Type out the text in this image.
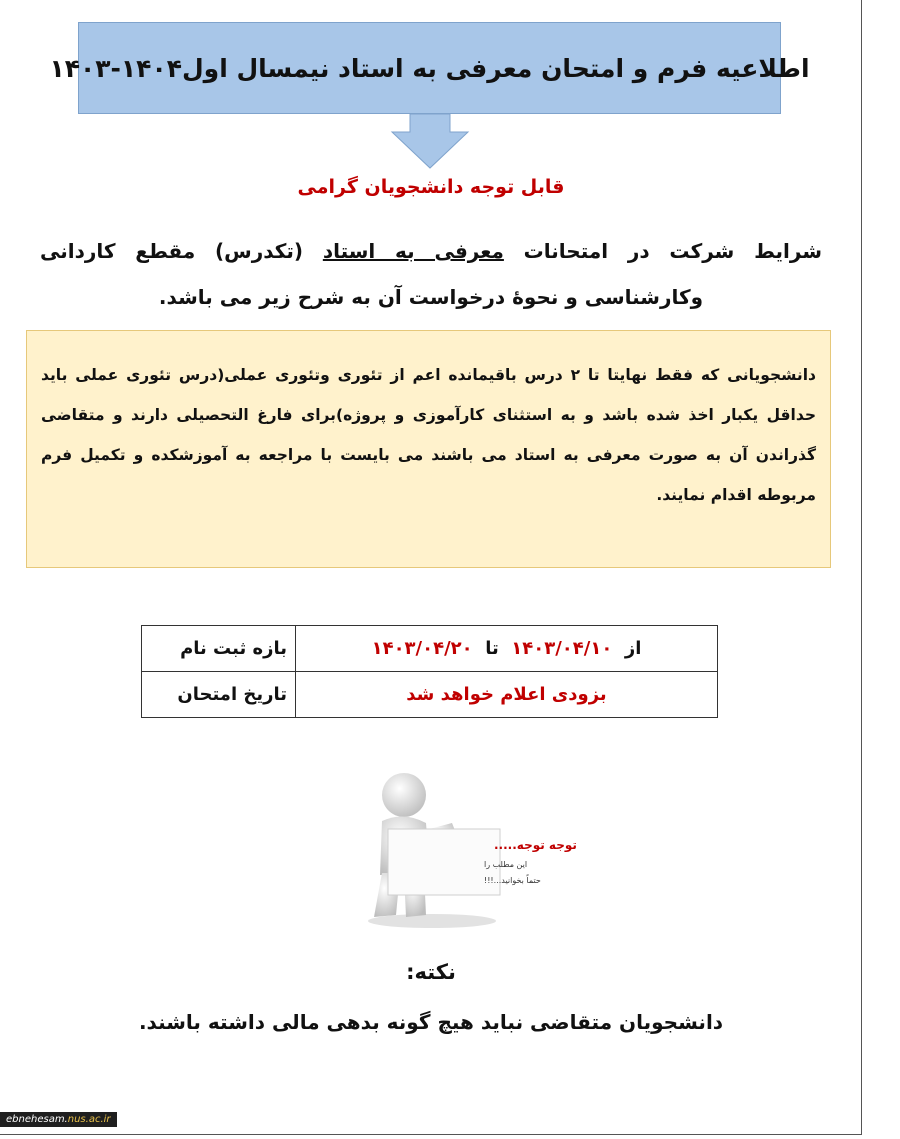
اطلاعیه فرم و امتحان معرفی به استاد نیمسال اول۱۴۰۴-۱۴۰۳
قابل توجه دانشجویان گرامی
شرایط شرکت در امتحانات معرفی به استاد (تکدرس) مقطع کاردانی وکارشناسی و نحوهٔ درخواست آن به شرح زیر می باشد.
دانشجویانی که فقط نهایتا تا ۲ درس باقیمانده اعم از تئوری وتئوری عملی(درس تئوری عملی باید حداقل یکبار اخذ شده باشد و به استثنای کارآموزی و پروژه)برای فارغ التحصیلی دارند و متقاضی گذراندن آن به صورت معرفی به استاد می باشند می بایست با مراجعه به آموزشکده و تکمیل فرم مربوطه اقدام نمایند.
بازه ثبت نام	از  ۱۴۰۳/۰۴/۱۰  تا  ۱۴۰۳/۰۴/۲۰
تاریخ امتحان	بزودی اعلام خواهد شد
توجه توجه.....
این مطلب را
حتماً بخوانید...!!!
نکته:
دانشجویان متقاضی نباید هیچ گونه بدهی مالی داشته باشند.
ebnehesam.nus.ac.ir
